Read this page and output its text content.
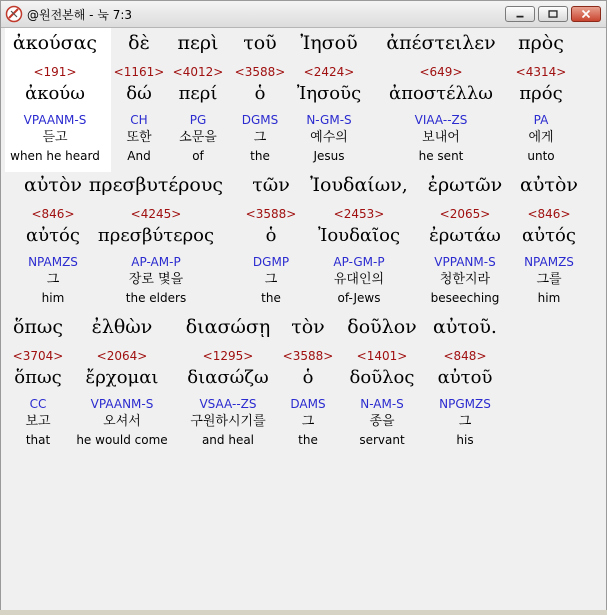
@원전본해 - 눅 7:3
ἀκούσας
<191>
ἀκούω
VPAANM-S
듣고
when he heard
δὲ
<1161>
δώ
CH
또한
And
περὶ
<4012>
περί
PG
소문을
of
τοῦ
<3588>
ὁ
DGMS
그
the
Ἰησοῦ
<2424>
Ἰησοῦς
N-GM-S
예수의
Jesus
ἀπέστειλεν
<649>
ἀποστέλλω
VIAA--ZS
보내어
he sent
πρὸς
<4314>
πρός
PA
에게
unto
αὐτὸν
<846>
αὐτός
NPAMZS
그
him
πρεσβυτέρους
<4245>
πρεσβύτερος
AP-AM-P
장로 몇을
the elders
τῶν
<3588>
ὁ
DGMP
그
the
Ἰουδαίων,
<2453>
Ἰουδαῖος
AP-GM-P
유대인의
of-Jews
ἐρωτῶν
<2065>
ἐρωτάω
VPPANM-S
청한지라
beseeching
αὐτὸν
<846>
αὐτός
NPAMZS
그를
him
ὅπως
<3704>
ὅπως
CC
보고
that
ἐλθὼν
<2064>
ἔρχομαι
VPAANM-S
오셔서
he would come
διασώσῃ
<1295>
διασώζω
VSAA--ZS
구원하시기를
and heal
τὸν
<3588>
ὁ
DAMS
그
the
δοῦλον
<1401>
δοῦλος
N-AM-S
종을
servant
αὐτοῦ.
<848>
αὐτοῦ
NPGMZS
그
his
